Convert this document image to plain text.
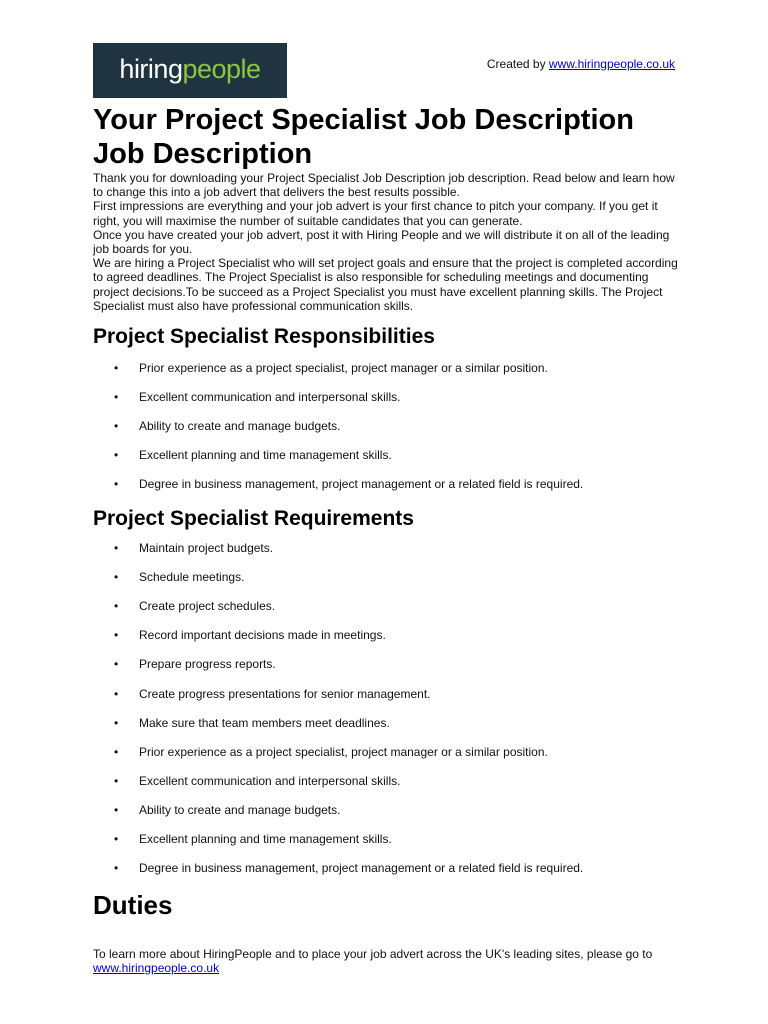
hiringpeople	Created by www.hiringpeople.co.uk
Your Project Specialist Job Description
Job Description

Thank you for downloading your Project Specialist Job Description job description. Read below and learn how to change this into a job advert that delivers the best results possible.

First impressions are everything and your job advert is your first chance to pitch your company. If you get it right, you will maximise the number of suitable candidates that you can generate.

Once you have created your job advert, post it with Hiring People and we will distribute it on all of the leading job boards for you.

We are hiring a Project Specialist who will set project goals and ensure that the project is completed according to agreed deadlines. The Project Specialist is also responsible for scheduling meetings and documenting project decisions.To be succeed as a Project Specialist you must have excellent planning skills. The Project Specialist must also have professional communication skills.

Project Specialist Responsibilities
• Prior experience as a project specialist, project manager or a similar position.
• Excellent communication and interpersonal skills.
• Ability to create and manage budgets.
• Excellent planning and time management skills.
• Degree in business management, project management or a related field is required.
Project Specialist Requirements
• Maintain project budgets.
• Schedule meetings.
• Create project schedules.
• Record important decisions made in meetings.
• Prepare progress reports.
• Create progress presentations for senior management.
• Make sure that team members meet deadlines.
• Prior experience as a project specialist, project manager or a similar position.
• Excellent communication and interpersonal skills.
• Ability to create and manage budgets.
• Excellent planning and time management skills.
• Degree in business management, project management or a related field is required.
Duties
To learn more about HiringPeople and to place your job advert across the UK's leading sites, please go to www.hiringpeople.co.uk
